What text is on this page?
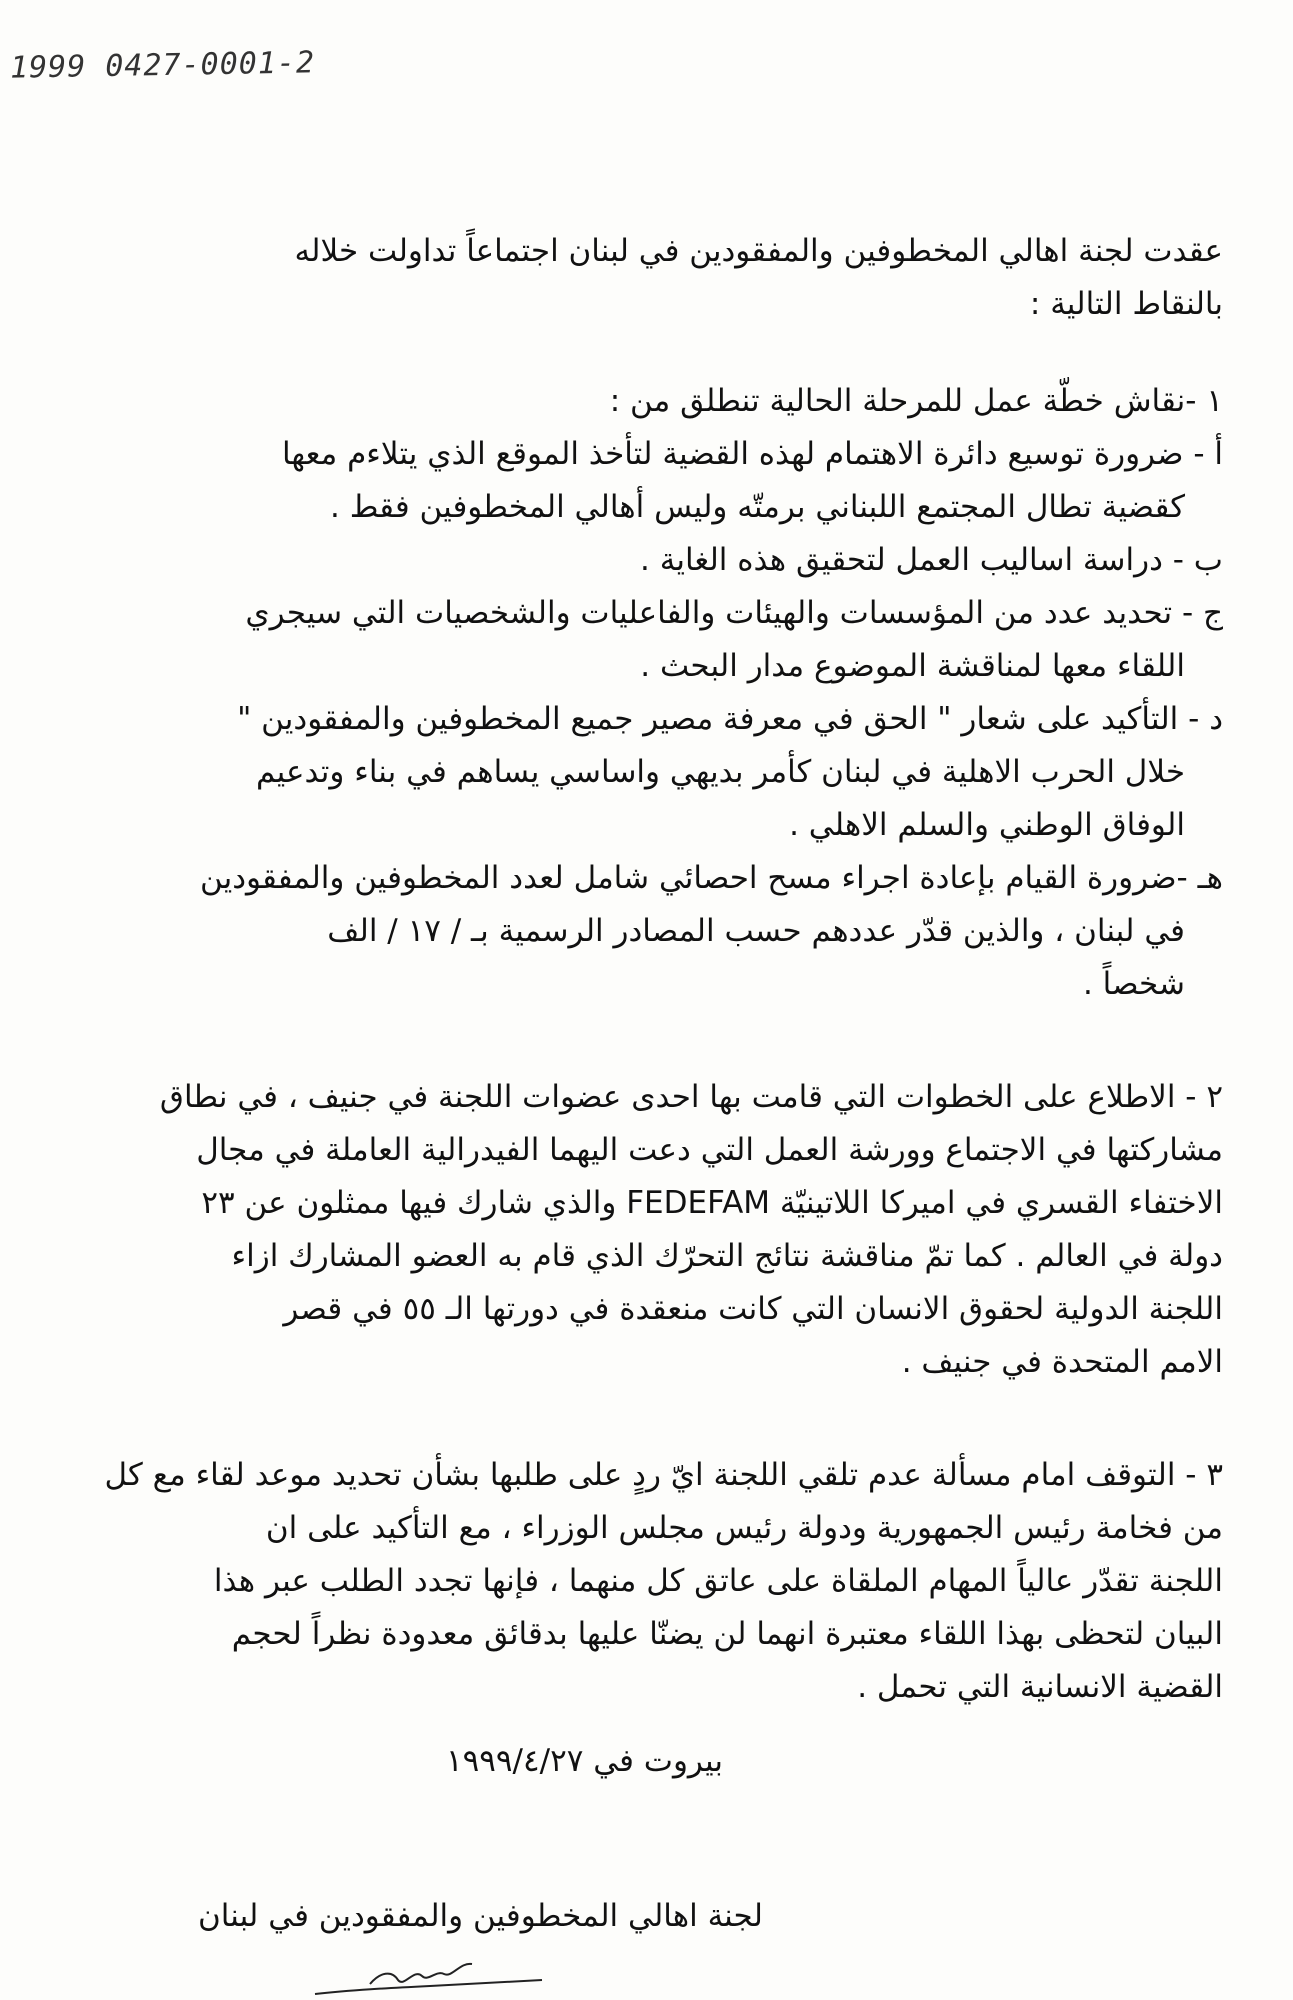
1999 0427-0001-2

عقدت لجنة اهالي المخطوفين والمفقودين في لبنان اجتماعاً تداولت خلاله

بالنقاط التالية :

١ -نقاش خطّة عمل للمرحلة الحالية تنطلق من :

أ - ضرورة توسيع دائرة الاهتمام لهذه القضية لتأخذ الموقع الذي يتلاءم معها

كقضية تطال المجتمع اللبناني برمتّه وليس أهالي المخطوفين فقط .

ب - دراسة اساليب العمل لتحقيق هذه الغاية .

ج - تحديد عدد من المؤسسات والهيئات والفاعليات والشخصيات التي سيجري

اللقاء معها لمناقشة الموضوع مدار البحث .

د - التأكيد على شعار " الحق في معرفة مصير جميع المخطوفين والمفقودين "

خلال الحرب الاهلية في لبنان كأمر بديهي واساسي يساهم في بناء وتدعيم

الوفاق الوطني والسلم الاهلي .

هـ -ضرورة القيام بإعادة اجراء مسح احصائي شامل لعدد المخطوفين والمفقودين

في لبنان ، والذين قدّر عددهم حسب المصادر الرسمية بـ / ١٧ / الف

شخصاً .

٢ - الاطلاع على الخطوات التي قامت بها احدى عضوات اللجنة في جنيف ، في نطاق

مشاركتها في الاجتماع وورشة العمل التي دعت اليهما الفيدرالية العاملة في مجال

الاختفاء القسري في اميركا اللاتينيّة FEDEFAM والذي شارك فيها ممثلون عن ٢٣

دولة في العالم . كما تمّ مناقشة نتائج التحرّك الذي قام به العضو المشارك ازاء

اللجنة الدولية لحقوق الانسان التي كانت منعقدة في دورتها الـ ٥٥ في قصر

الامم المتحدة في جنيف .

٣ - التوقف امام مسألة عدم تلقي اللجنة ايّ ردٍ على طلبها بشأن تحديد موعد لقاء مع كل

من فخامة رئيس الجمهورية ودولة رئيس مجلس الوزراء ، مع التأكيد على ان

اللجنة تقدّر عالياً المهام الملقاة على عاتق كل منهما ، فإنها تجدد الطلب عبر هذا

البيان لتحظى بهذا اللقاء معتبرة انهما لن يضنّا عليها بدقائق معدودة نظراً لحجم

القضية الانسانية التي تحمل .

بيروت في ١٩٩٩/٤/٢٧
لجنة اهالي المخطوفين والمفقودين في لبنان
